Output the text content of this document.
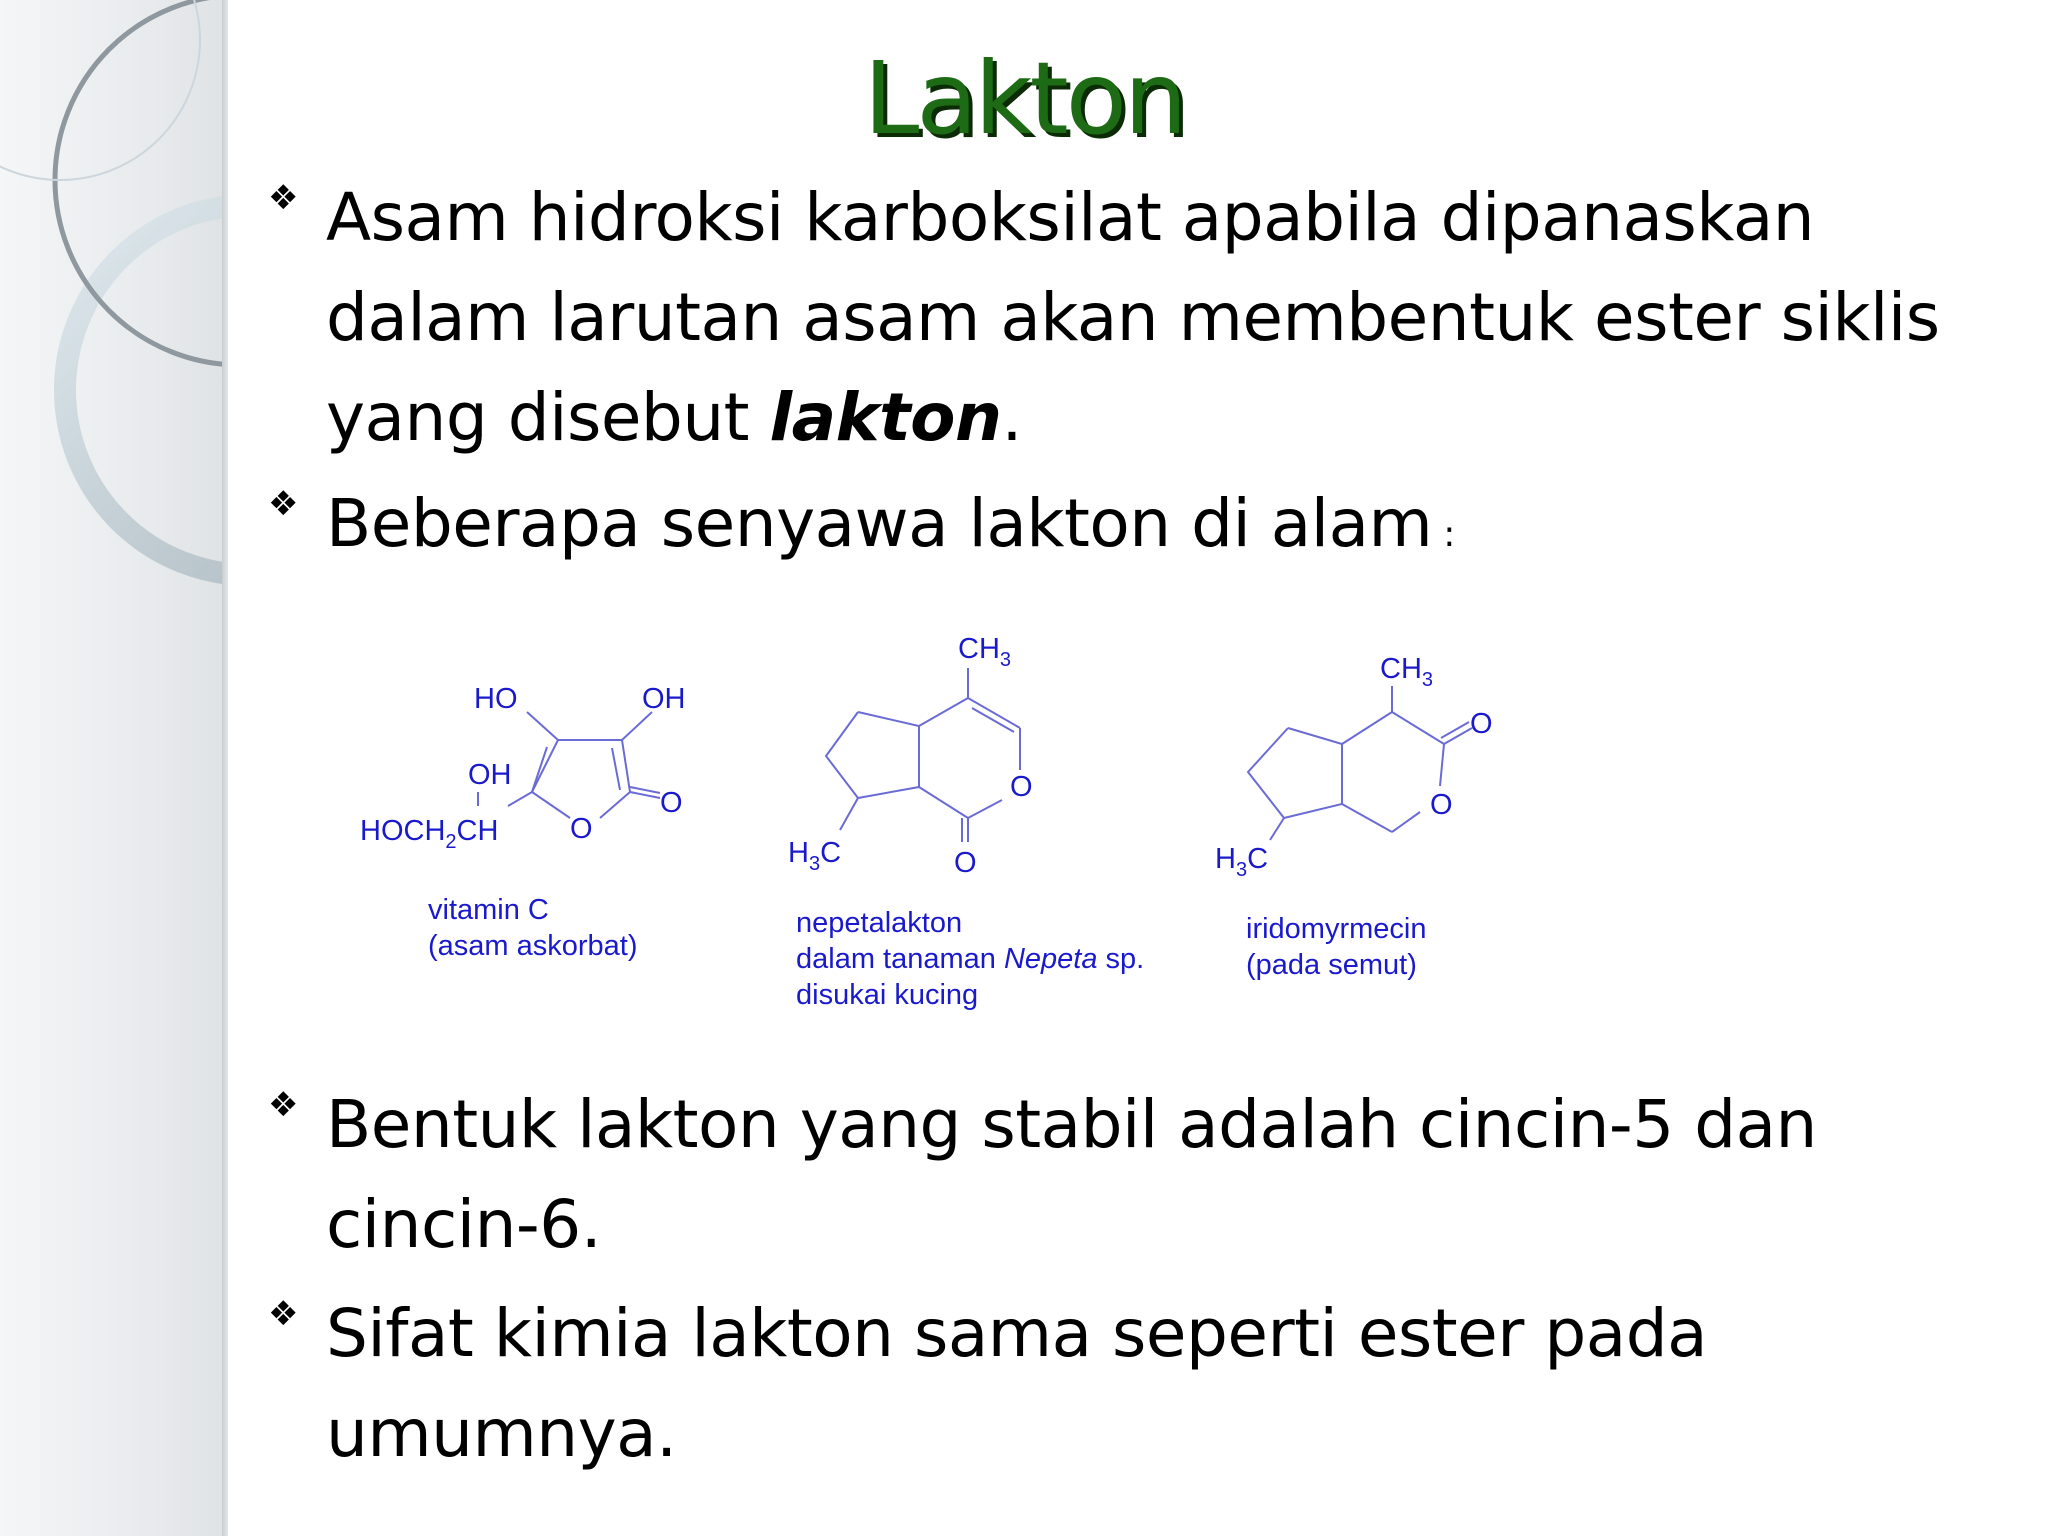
Lakton
❖ Asam hidroksi karboksilat apabila dipanaskan
dalam larutan asam akan membentuk ester siklis
yang disebut lakton.
❖ Beberapa senyawa lakton di alam :
HO	OH
OH
$HOCH_2CH$ O
O
vitamin C
(asam askorbat)
$CH_3$
$H_3C$
O
O
nepetalakton
dalam tanaman Nepeta sp.
disukai kucing
$CH_3$
$H_3C$
O
O
iridomyrmecin
(pada semut)
❖ Bentuk lakton yang stabil adalah cincin-5 dan
cincin-6.
❖ Sifat kimia lakton sama seperti ester pada
umumnya.
